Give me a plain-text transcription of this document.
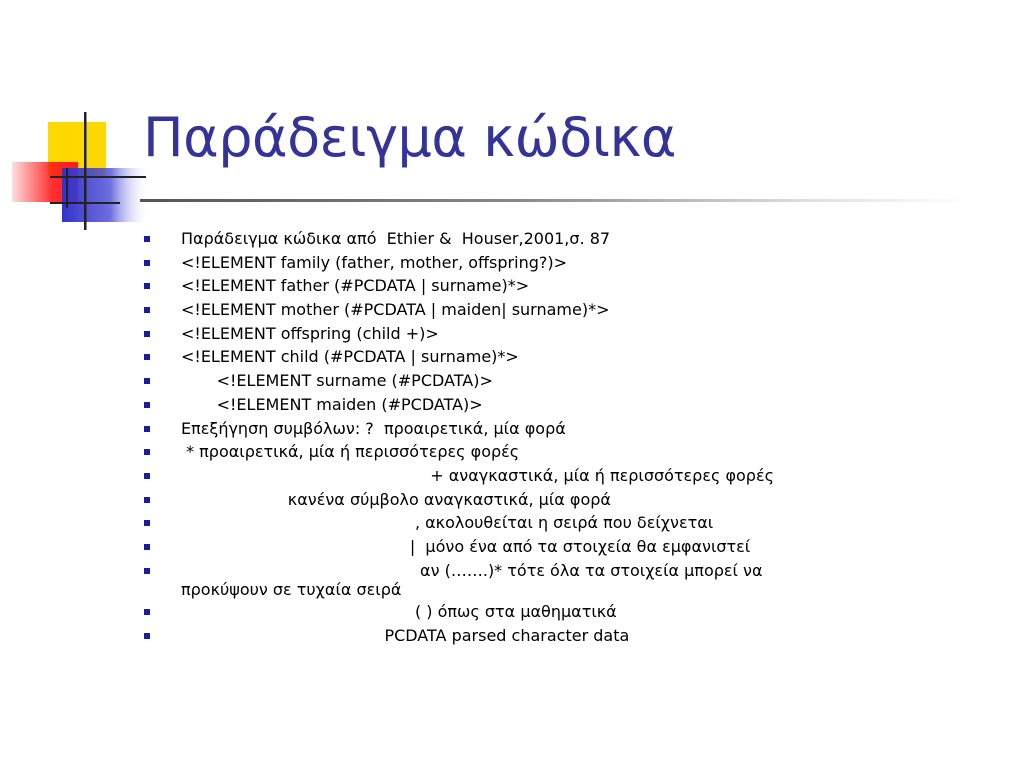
Παράδειγμα κώδικα
Παράδειγμα κώδικα από  Ethier &  Houser,2001,σ. 87
<!ELEMENT family (father, mother, offspring?)>
<!ELEMENT father (#PCDATA | surname)*>
<!ELEMENT mother (#PCDATA | maiden| surname)*>
<!ELEMENT offspring (child +)>
<!ELEMENT child (#PCDATA | surname)*>
<!ELEMENT surname (#PCDATA)>
<!ELEMENT maiden (#PCDATA)>
Επεξήγηση συμβόλων: ?  προαιρετικά, μία φορά
* προαιρετικά, μία ή περισσότερες φορές
+ αναγκαστικά, μία ή περισσότερες φορές
κανένα σύμβολο αναγκαστικά, μία φορά
, ακολουθείται η σειρά που δείχνεται
|  μόνο ένα από τα στοιχεία θα εμφανιστεί
αν (…….)* τότε όλα τα στοιχεία μπορεί να
προκύψουν σε τυχαία σειρά
( ) όπως στα μαθηματικά
PCDATA parsed character data
